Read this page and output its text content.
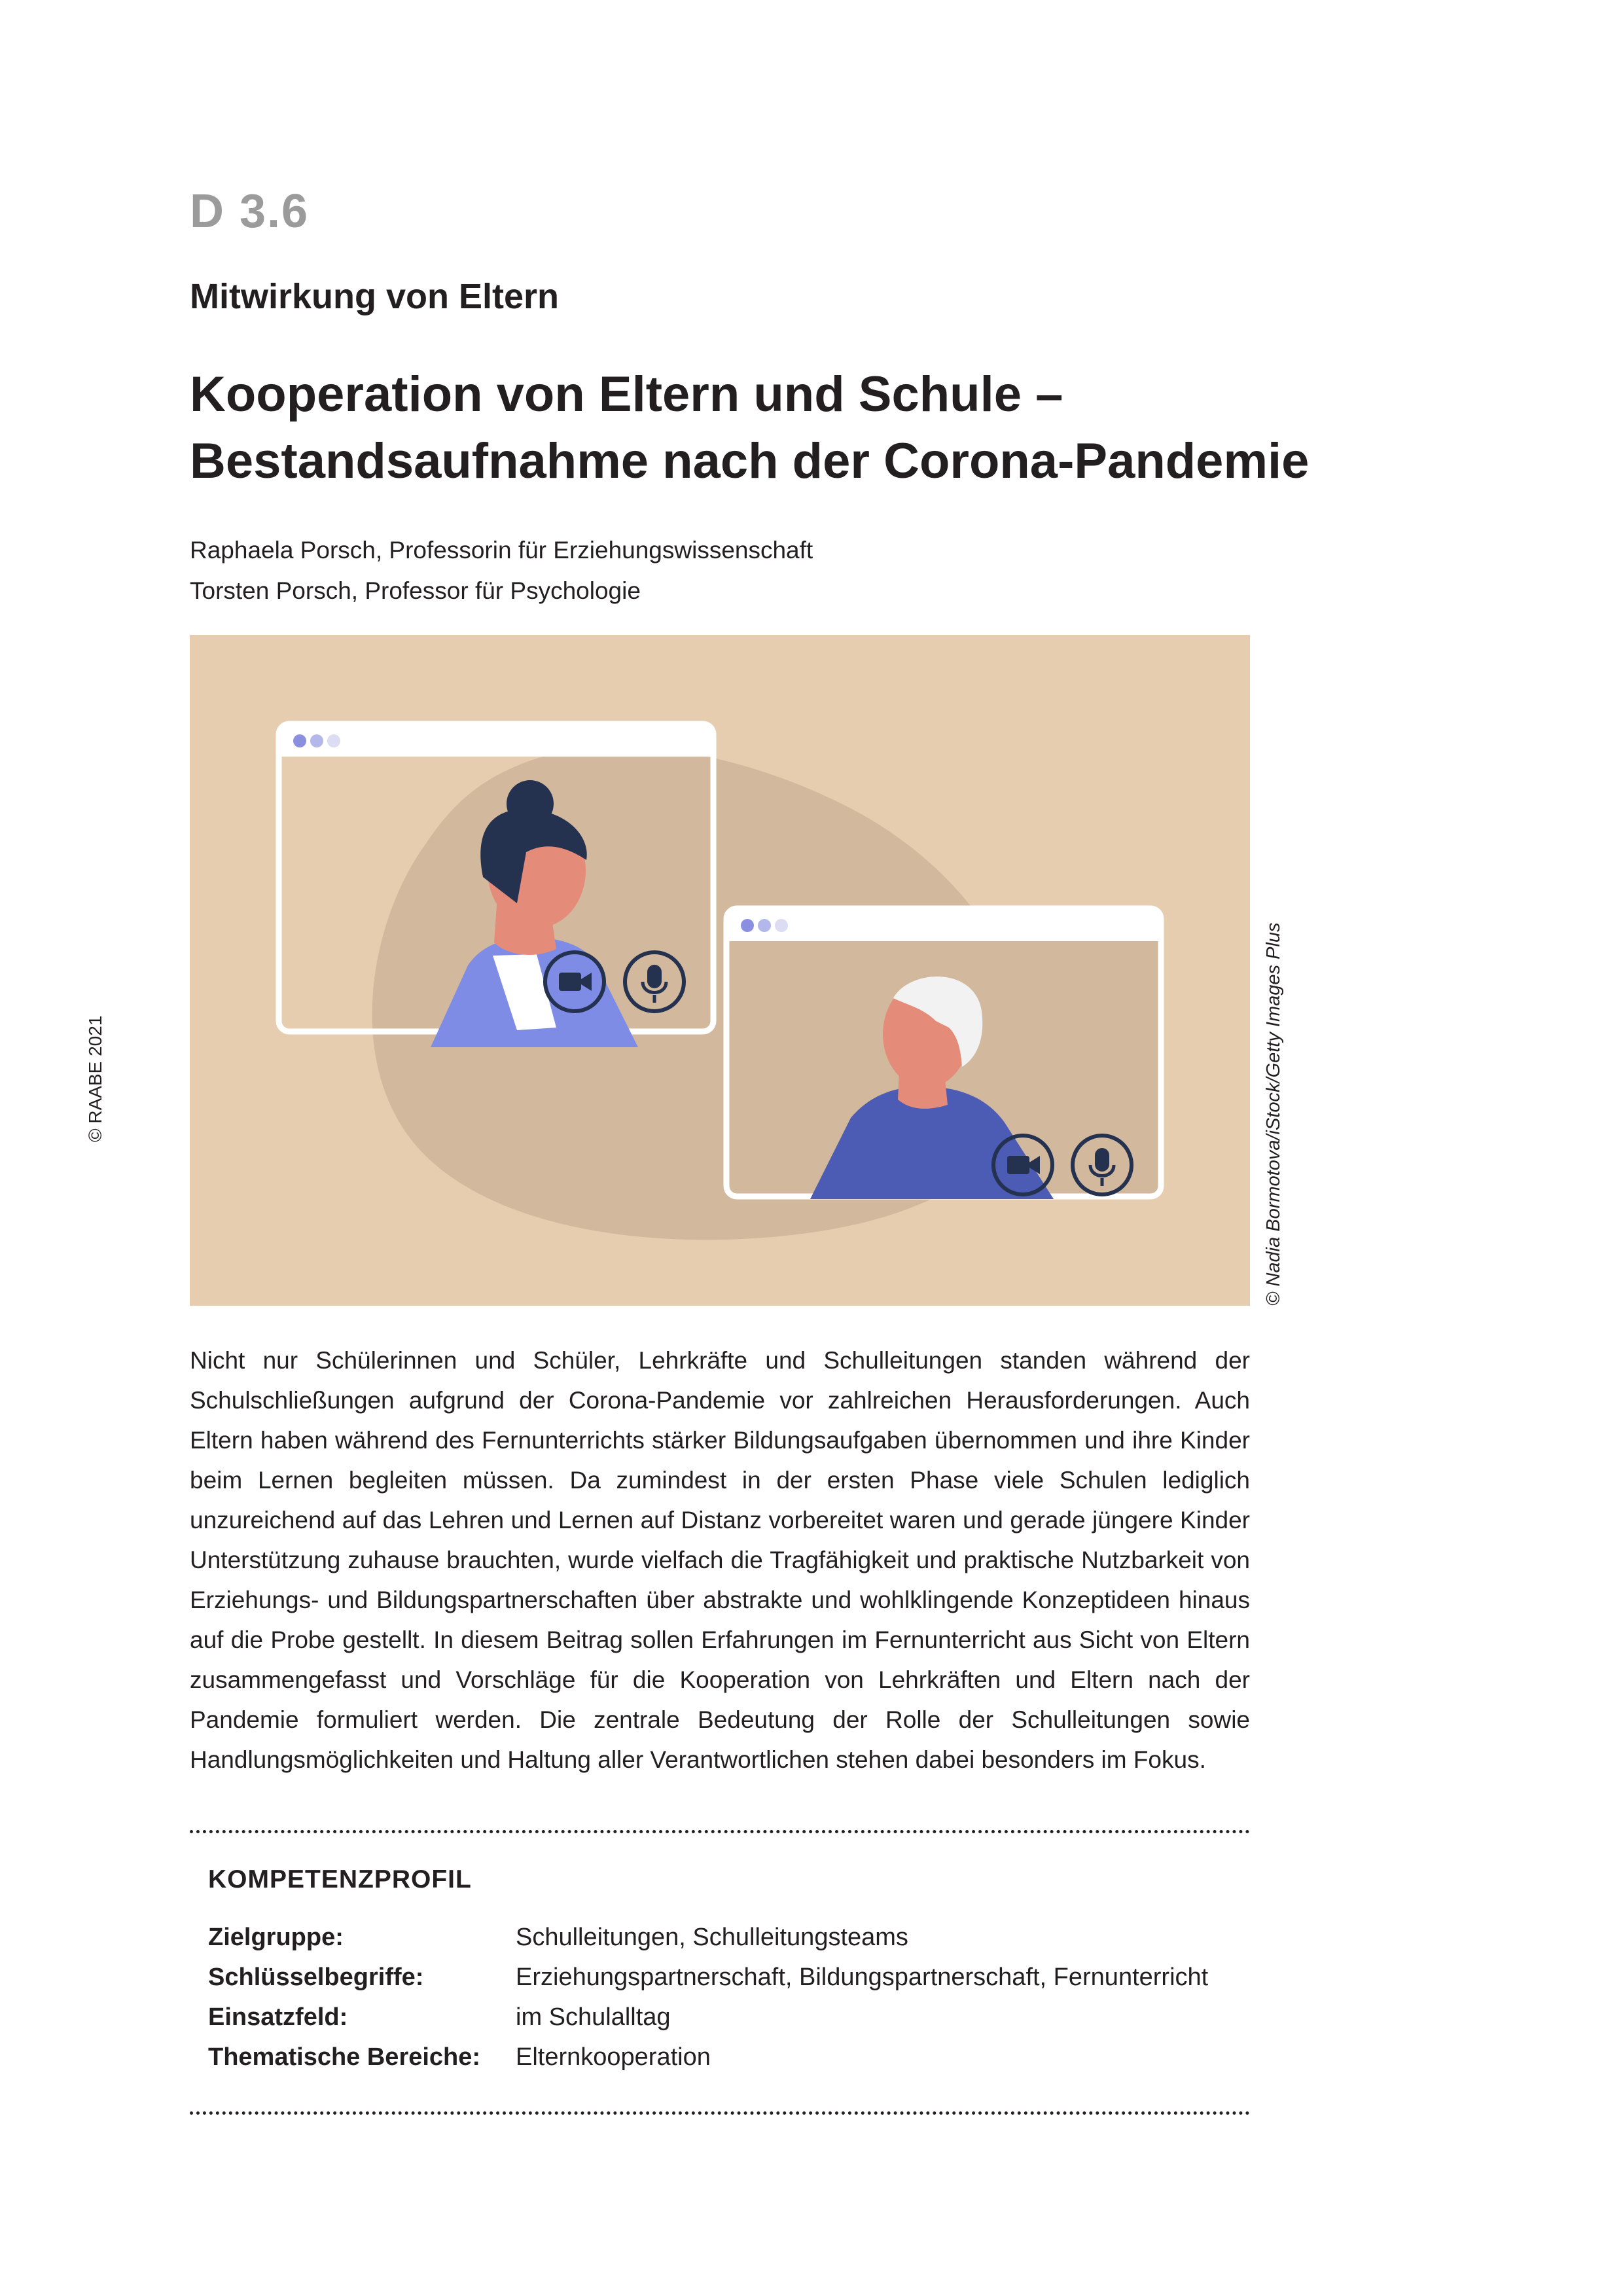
D 3.6
Mitwirkung von Eltern
Kooperation von Eltern und Schule –
Bestandsaufnahme nach der Corona-Pandemie
Raphaela Porsch, Professorin für Erziehungswissenschaft
Torsten Porsch, Professor für Psychologie
© RAABE 2021	© Nadia Bormotova/iStock/Getty Images Plus
Nicht nur Schülerinnen und Schüler, Lehrkräfte und Schulleitungen standen während der Schulschließungen aufgrund der Corona-Pandemie vor zahlreichen Herausforderungen. Auch Eltern haben während des Fernunterrichts stärker Bildungsaufgaben übernommen und ihre Kinder beim Lernen begleiten müssen. Da zumindest in der ersten Phase viele Schulen lediglich unzureichend auf das Lehren und Lernen auf Distanz vorbereitet waren und gerade jüngere Kinder Unterstützung zuhause brauchten, wurde vielfach die Tragfähigkeit und praktische Nutzbarkeit von Erziehungs- und Bildungspartnerschaften über abstrakte und wohlklingende Konzeptideen hinaus auf die Probe gestellt. In diesem Beitrag sollen Erfahrungen im Fernunterricht aus Sicht von Eltern zusammengefasst und Vorschläge für die Kooperation von Lehrkräften und Eltern nach der Pandemie formuliert werden. Die zentrale Bedeutung der Rolle der Schulleitungen sowie Handlungsmöglichkeiten und Haltung aller Verantwortlichen stehen dabei besonders im Fokus.
KOMPETENZPROFIL
Zielgruppe:	Schulleitungen, Schulleitungsteams
Schlüsselbegriffe:	Erziehungspartnerschaft, Bildungspartnerschaft, Fernunterricht
Einsatzfeld:	im Schulalltag
Thematische Bereiche:	Elternkooperation
